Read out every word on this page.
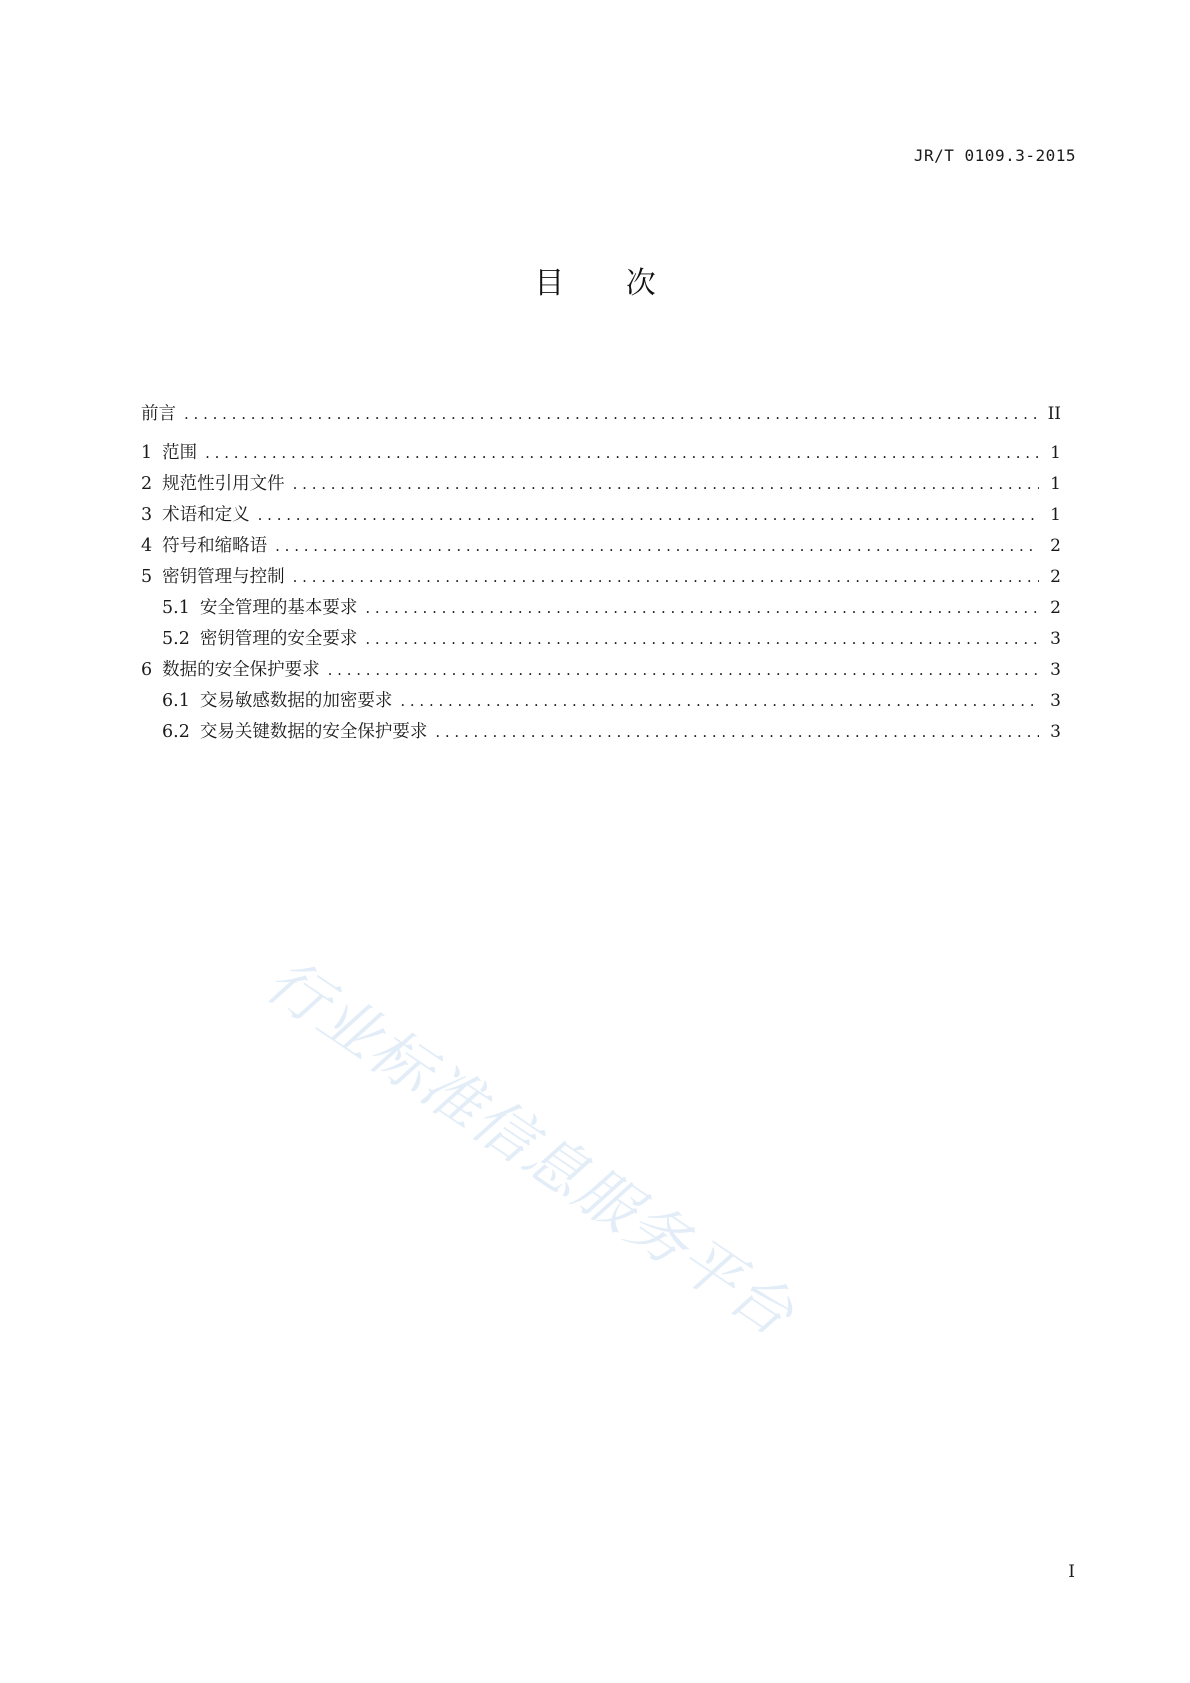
JR/T 0109.3-2015
目 次
前言 . . .	II
1 范围 . . .	1
2 规范性引用文件 . . .	1
3 术语和定义 . . .	1
4 符号和缩略语 . . .	2
5 密钥管理与控制 . . .	2
5.1 安全管理的基本要求 . . .	2
5.2 密钥管理的安全要求 . . .	3
6 数据的安全保护要求 . . .	3
6.1 交易敏感数据的加密要求 . . .	3
6.2 交易关键数据的安全保护要求 . . .	3
行业标准信息服务平台
I
